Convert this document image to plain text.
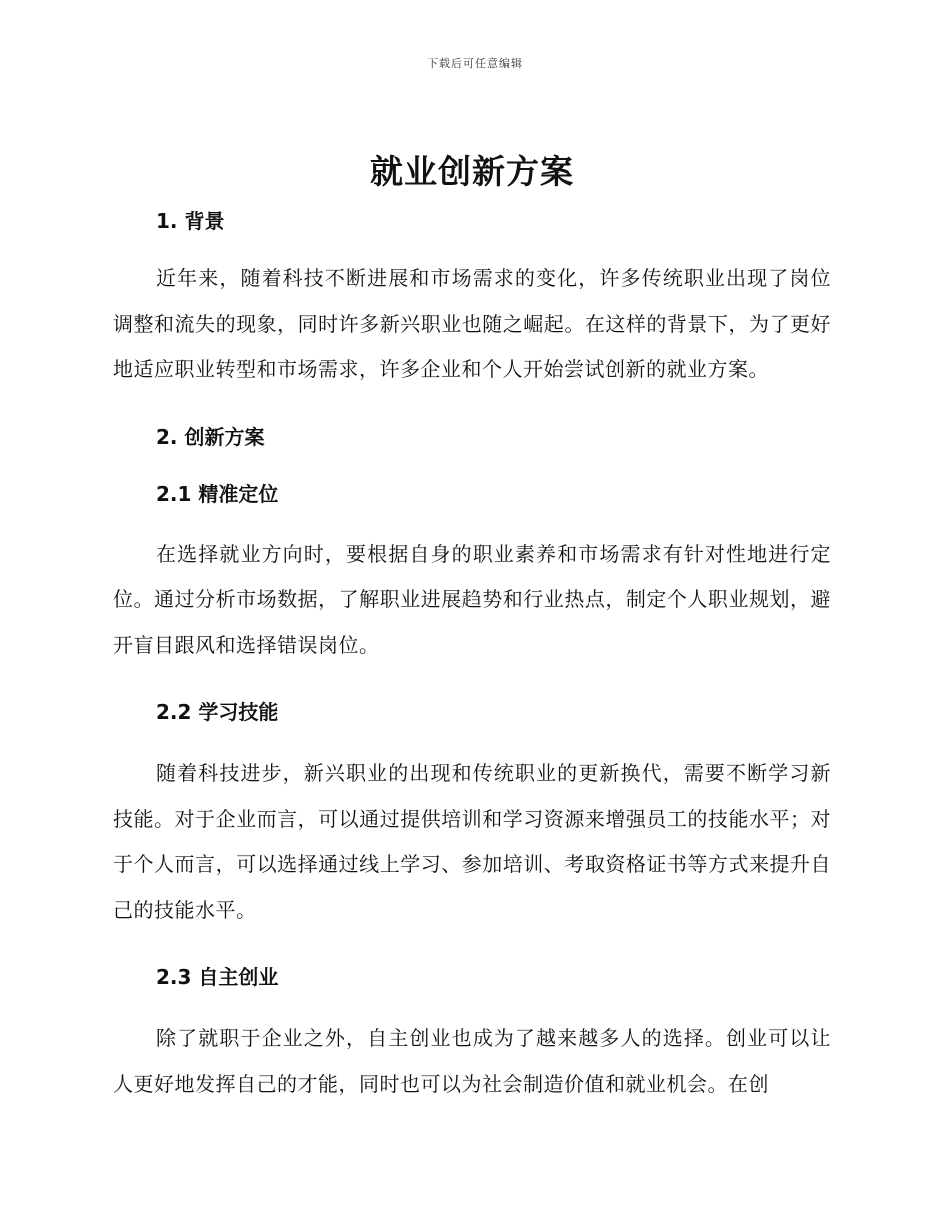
下载后可任意编辑
就业创新方案
1. 背景

近年来，随着科技不断进展和市场需求的变化，许多传统职业出现了岗位调整和流失的现象，同时许多新兴职业也随之崛起。在这样的背景下，为了更好地适应职业转型和市场需求，许多企业和个人开始尝试创新的就业方案。

2. 创新方案
2.1 精准定位

在选择就业方向时，要根据自身的职业素养和市场需求有针对性地进行定位。通过分析市场数据，了解职业进展趋势和行业热点，制定个人职业规划，避开盲目跟风和选择错误岗位。

2.2 学习技能

随着科技进步，新兴职业的出现和传统职业的更新换代，需要不断学习新技能。对于企业而言，可以通过提供培训和学习资源来增强员工的技能水平；对于个人而言，可以选择通过线上学习、参加培训、考取资格证书等方式来提升自己的技能水平。

2.3 自主创业

除了就职于企业之外，自主创业也成为了越来越多人的选择。创业可以让人更好地发挥自己的才能，同时也可以为社会制造价值和就业机会。在创
